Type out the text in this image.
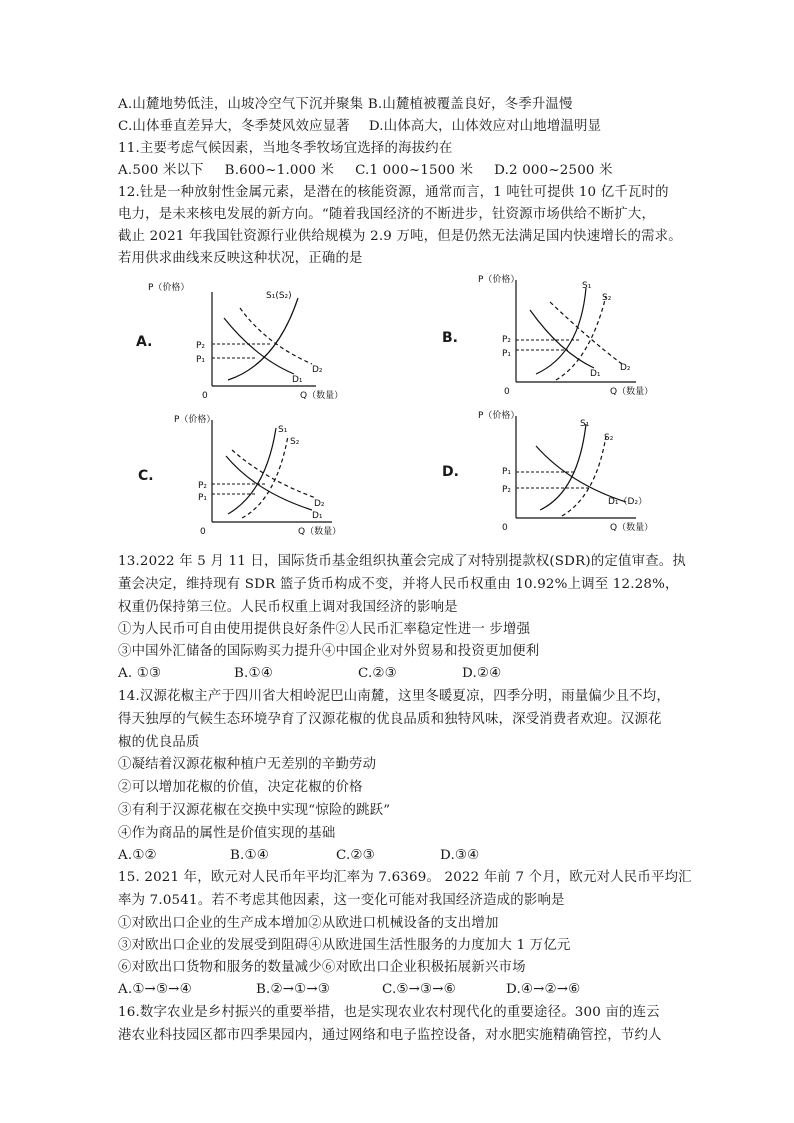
A.山麓地势低洼，山坡冷空气下沉并聚集 B.山麓植被覆盖良好，冬季升温慢
C.山体垂直差异大，冬季焚风效应显著 D.山体高大，山体效应对山地增温明显
11.主要考虑气候因素，当地冬季牧场宜选择的海拔约在
A.500 米以下 B.600~1.000 米 C.1 000~1500 米 D.2 000~2500 米
12.钍是一种放射性金属元素，是潜在的核能资源，通常而言，1 吨钍可提供 10 亿千瓦时的
电力，是未来核电发展的新方向。“随着我国经济的不断进步，钍资源市场供给不断扩大，
截止 2021 年我国钍资源行业供给规模为 2.9 万吨，但是仍然无法满足国内快速增长的需求。
若用供求曲线来反映这种状况，正确的是
P（价格）
Q（数量）
0
S₁(S₂)
D₁
D₂
P₂
P₁
A.
P（价格）
Q（数量）
0
S₁
S₂
D₁
D₂
P₂
P₁
B.
P（价格）
Q（数量）
0
S₁
S₂
D₂
D₁
P₂
P₁
C.
P（价格）
Q（数量）
0
S₁
S₂
D₁（D₂）
P₁
P₂
D.
13.2022 年 5 月 11 日，国际货币基金组织执董会完成了对特别提款权(SDR)的定值审查。执
董会决定，维持现有 SDR 篮子货币构成不变，并将人民币权重由 10.92%上调至 12.28%，
权重仍保持第三位。人民币权重上调对我国经济的影响是
①为人民币可自由使用提供良好条件②人民币汇率稳定性进一 步增强
③中国外汇储备的国际购买力提升④中国企业对外贸易和投资更加便利
A. ①③	B.①④	C.②③	D.②④
14.汉源花椒主产于四川省大相岭泥巴山南麓，这里冬暖夏凉，四季分明，雨量偏少且不均，
得天独厚的气候生态环境孕育了汉源花椒的优良品质和独特风味，深受消费者欢迎。汉源花
椒的优良品质
①凝结着汉源花椒种植户无差别的辛勤劳动
②可以增加花椒的价值，决定花椒的价格
③有利于汉源花椒在交换中实现“惊险的跳跃”
④作为商品的属性是价值实现的基础
A.①②	B.①④	C.②③	D.③④
15. 2021 年，欧元对人民币年平均汇率为 7.6369。 2022 年前 7 个月，欧元对人民币平均汇
率为 7.0541。若不考虑其他因素，这一变化可能对我国经济造成的影响是
①对欧出口企业的生产成本增加②从欧进口机械设备的支出增加
③对欧出口企业的发展受到阻碍④从欧进国生活性服务的力度加大 1 万亿元
⑥对欧出口货物和服务的数量减少⑥对欧出口企业积极拓展新兴市场
A.①→⑤→④	B.②→①→③	C.⑤→③→⑥	D.④→②→⑥
16.数字农业是乡村振兴的重要举措，也是实现农业农村现代化的重要途径。300 亩的连云
港农业科技园区都市四季果园内，通过网络和电子监控设备，对水肥实施精确管控，节约人
